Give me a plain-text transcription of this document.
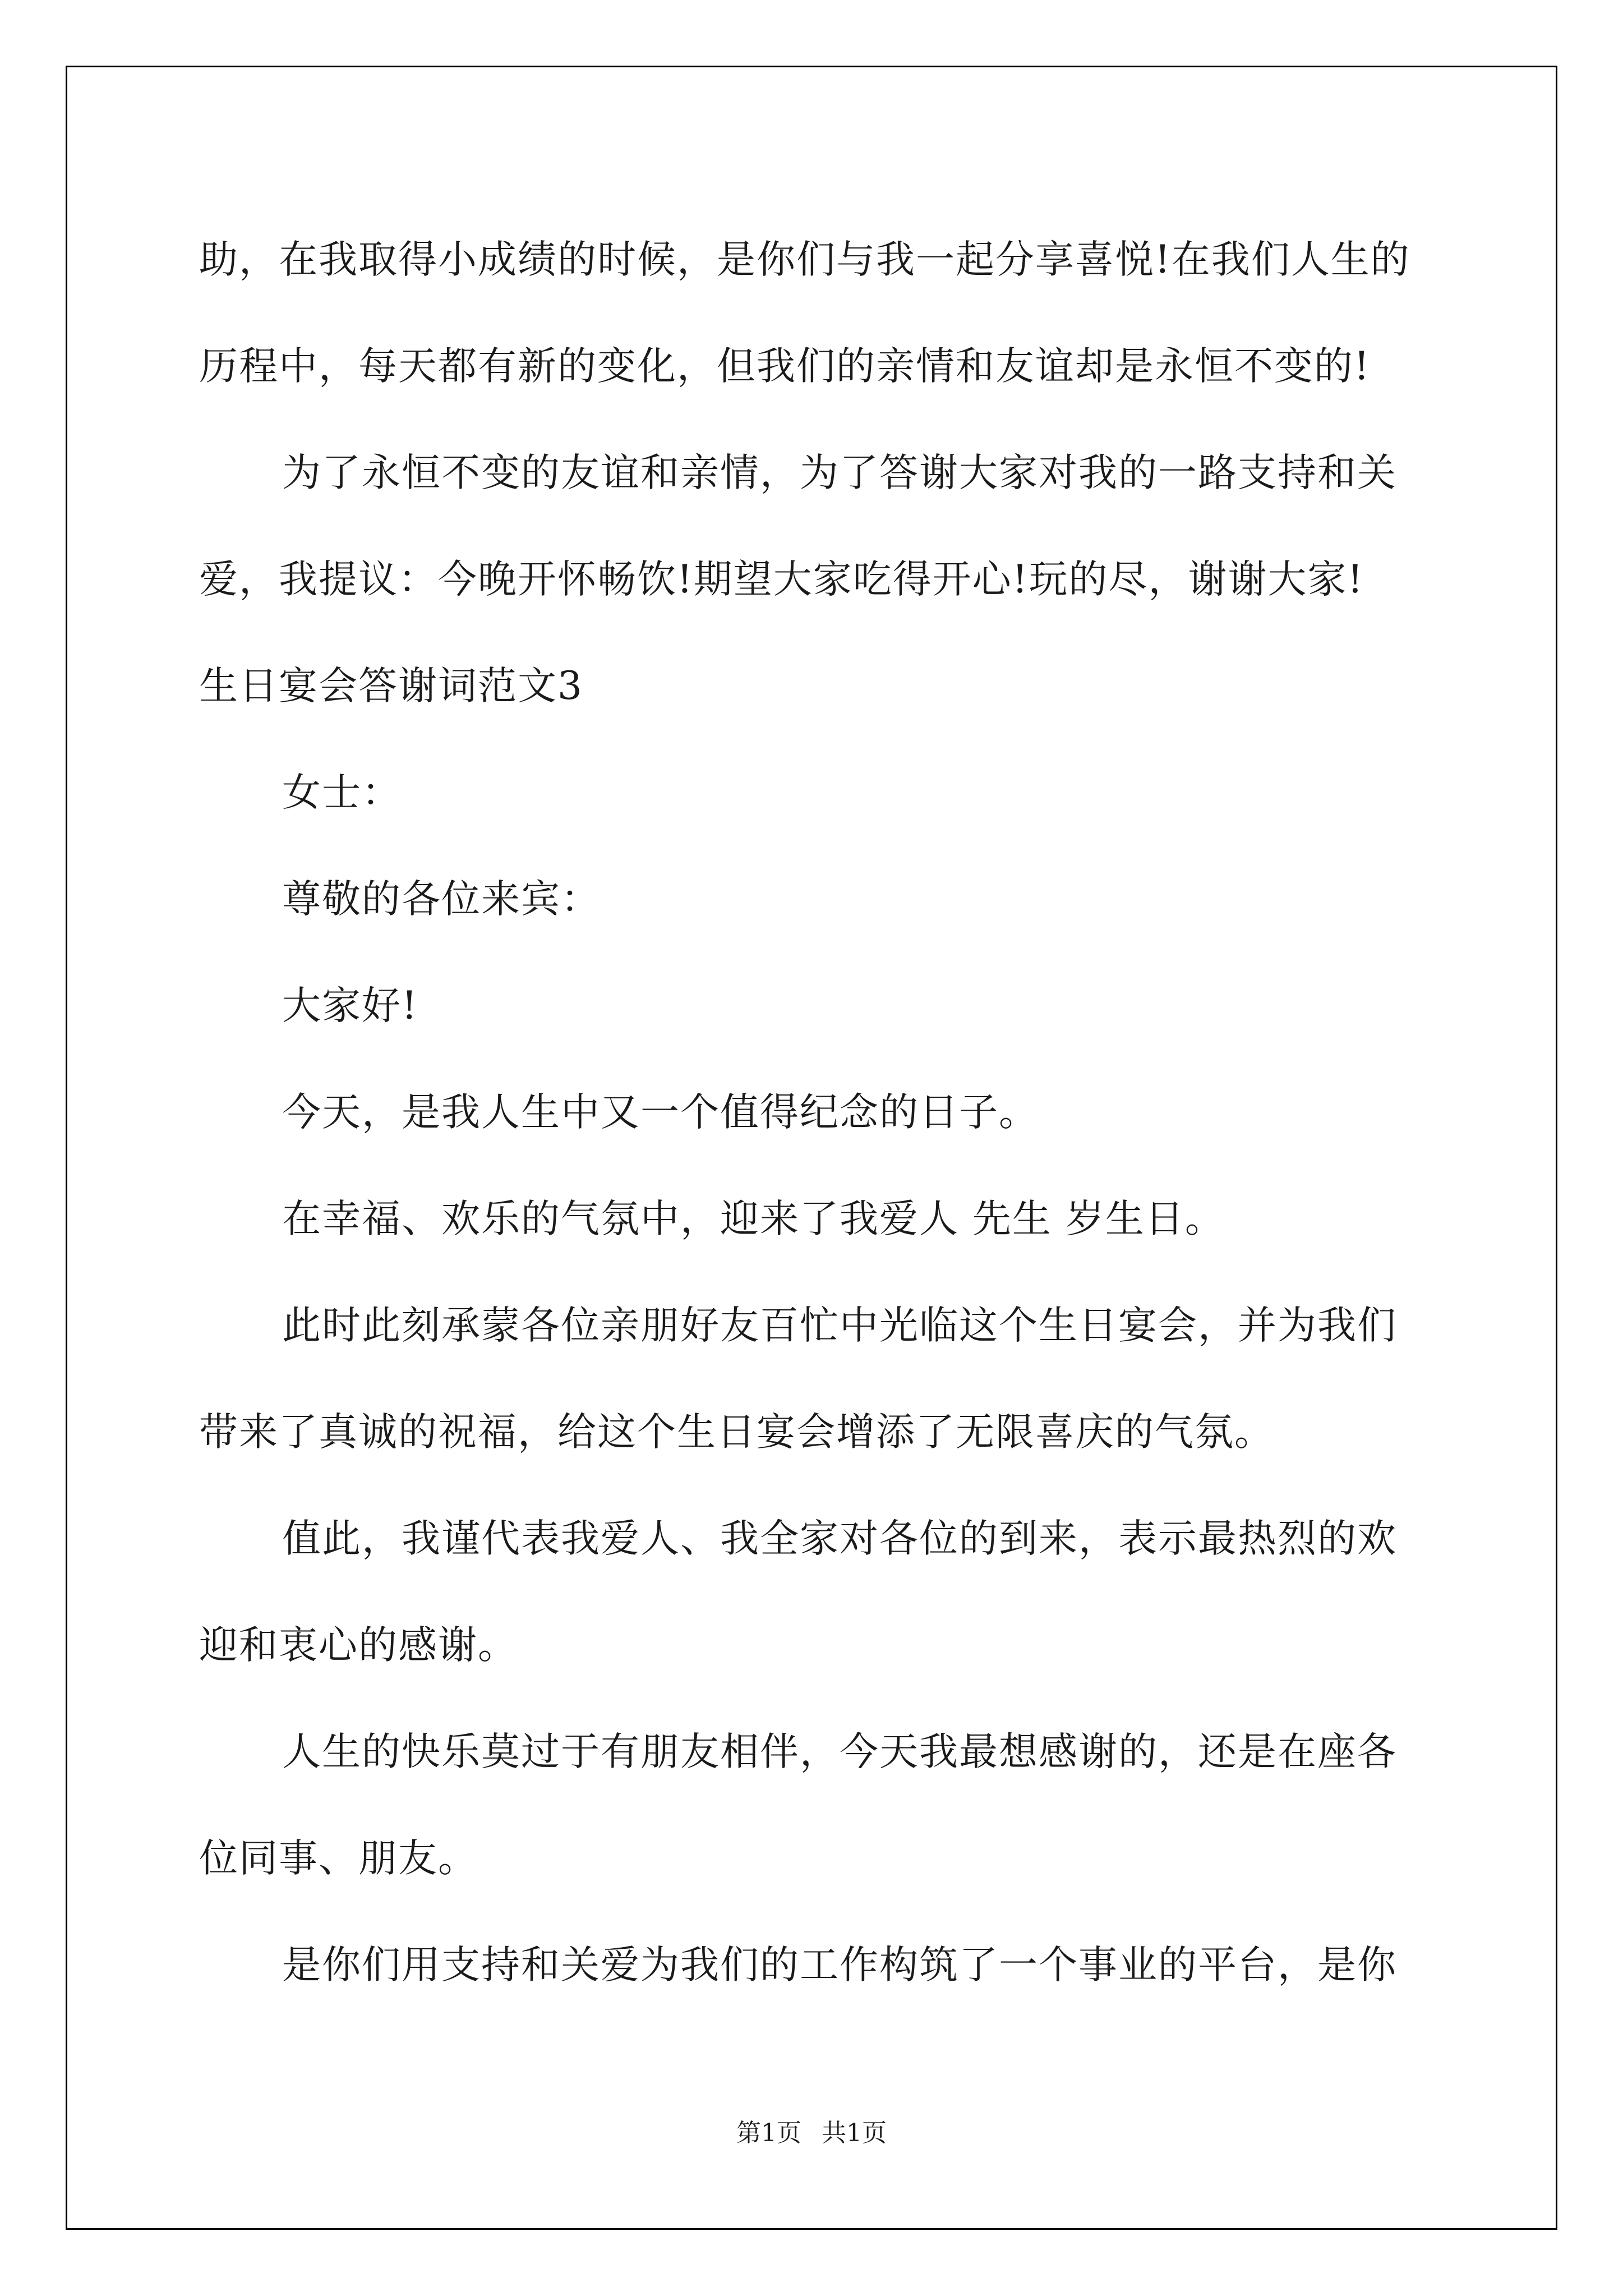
助，在我取得小成绩的时候，是你们与我一起分享喜悦!在我们人生的
历程中，每天都有新的变化，但我们的亲情和友谊却是永恒不变的!
为了永恒不变的友谊和亲情，为了答谢大家对我的一路支持和关
爱，我提议：今晚开怀畅饮!期望大家吃得开心!玩的尽，谢谢大家!
生日宴会答谢词范文3
女士：
尊敬的各位来宾：
大家好!
今天，是我人生中又一个值得纪念的日子。
在幸福、欢乐的气氛中，迎来了我爱人 先生 岁生日。
此时此刻承蒙各位亲朋好友百忙中光临这个生日宴会，并为我们
带来了真诚的祝福，给这个生日宴会增添了无限喜庆的气氛。
值此，我谨代表我爱人、我全家对各位的到来，表示最热烈的欢
迎和衷心的感谢。
人生的快乐莫过于有朋友相伴，今天我最想感谢的，还是在座各
位同事、朋友。
是你们用支持和关爱为我们的工作构筑了一个事业的平台，是你
第1页 共1页
